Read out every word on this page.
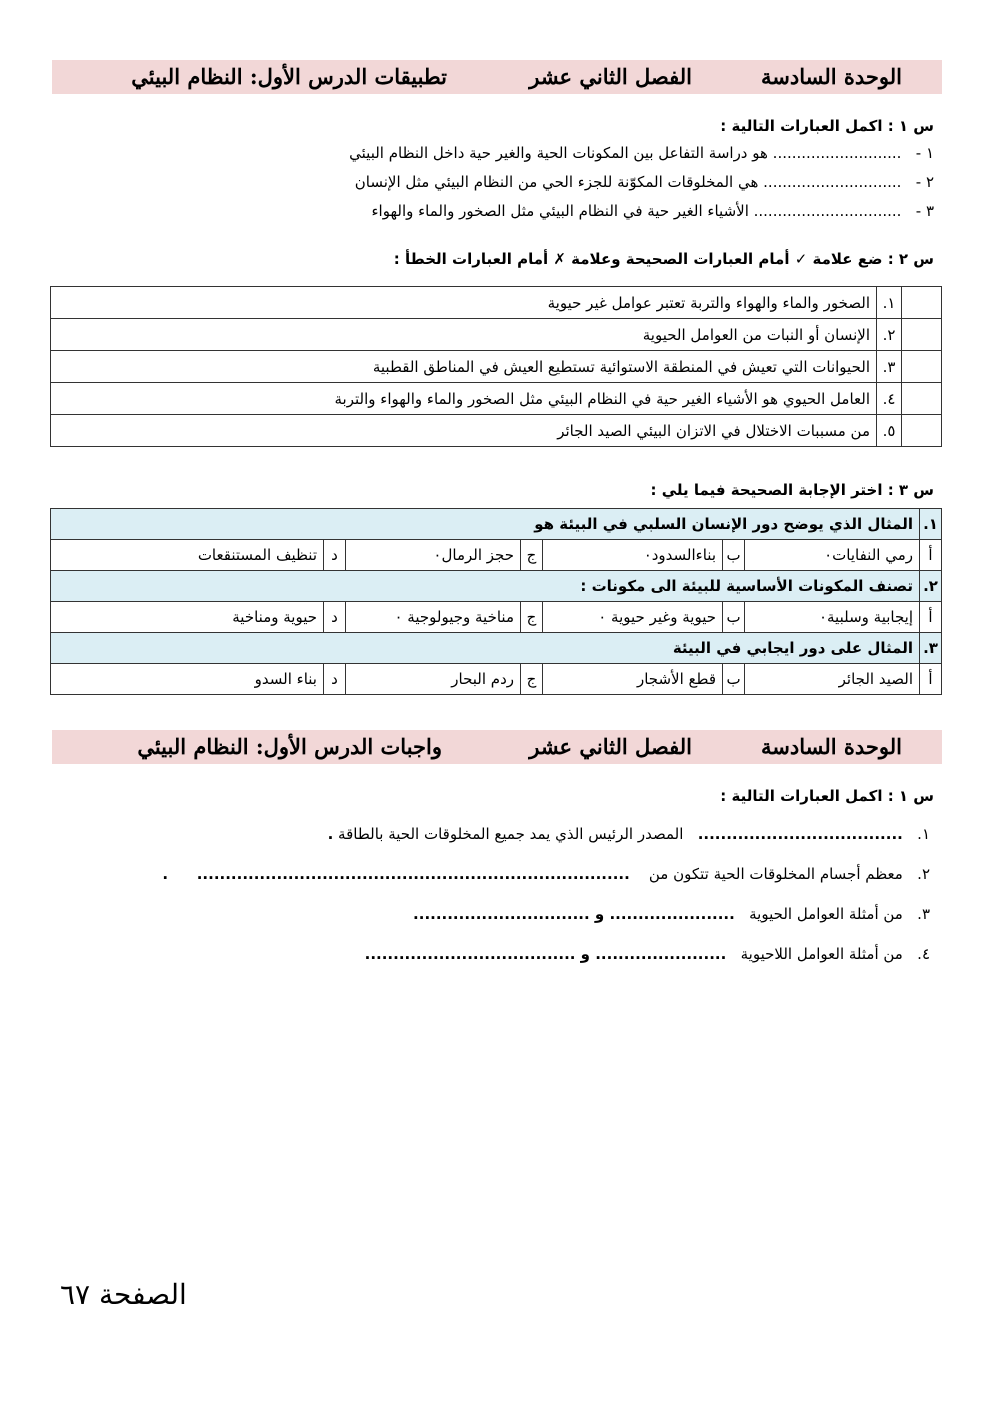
الوحدة السادسة
الفصل الثاني عشر
تطبيقات الدرس الأول: النظام البيئي
س ١ : اكمل العبارات التالية :
١ -   ........................... هو دراسة التفاعل بين المكونات الحية والغير حية داخل النظام البيئي
٢ -   ............................. هي المخلوقات المكوّنة للجزء الحي من النظام البيئي مثل الإنسان
٣ -   ............................... الأشياء الغير حية في النظام البيئي مثل الصخور والماء والهواء
س ٢ : ضع علامة ✓ أمام العبارات الصحيحة وعلامة ✗ أمام العبارات الخطأ :
	١.	الصخور والماء والهواء والتربة تعتبر عوامل غير حيوية
	٢.	الإنسان أو النبات من العوامل الحيوية
	٣.	الحيوانات التي تعيش في المنطقة الاستوائية تستطيع العيش في المناطق القطبية
	٤.	العامل الحيوي هو الأشياء الغير حية في النظام البيئي مثل الصخور والماء والهواء والتربة
	٥.	من مسببات الاختلال في الاتزان البيئي الصيد الجائر
س ٣ : اختر الإجابة الصحيحة فيما يلي :
١.	المثال الذي يوضح دور الإنسان السلبي في البيئة هو						
أ	رمي النفايات٠	ب	بناءالسدود٠	ج	حجز الرمال٠	د	تنظيف المستنقعات
٢.	تصنف المكونات الأساسية للبيئة الى مكونات :						
أ	إيجابية وسلبية٠	ب	حيوية وغير حيوية ٠	ج	مناخية وجيولوجية ٠	د	حيوية ومناخية
٣.	المثال على دور ايجابي في البيئة						
أ	الصيد الجائر	ب	قطع الأشجار	ج	ردم البحار	د	بناء السدو
الوحدة السادسة
الفصل الثاني عشر
واجبات الدرس الأول: النظام البيئي
س ١ : اكمل العبارات التالية :
١.   ....................................   المصدر الرئيس الذي يمد جميع المخلوقات الحية بالطاقة .
٢.   معظم أجسام المخلوقات الحية تتكون من    ............................................................................      .
٣.   من أمثلة العوامل الحيوية   ...................... و ...............................
٤.   من أمثلة العوامل اللاحيوية   ....................... و .....................................
الصفحة ٦٧
